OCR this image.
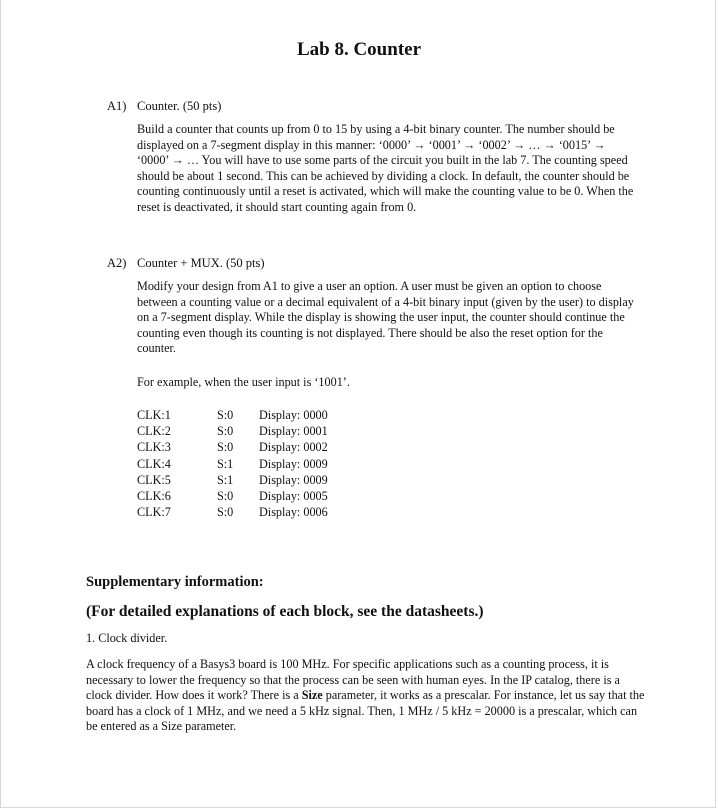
Lab 8. Counter
A1) Counter. (50 pts)

Build a counter that counts up from 0 to 15 by using a 4-bit binary counter. The number should be displayed on a 7-segment display in this manner: ‘0000’ → ‘0001’ → ‘0002’ → … → ‘0015’ → ‘0000’ → … You will have to use some parts of the circuit you built in the lab 7. The counting speed should be about 1 second. This can be achieved by dividing a clock. In default, the counter should be counting continuously until a reset is activated, which will make the counting value to be 0. When the reset is deactivated, it should start counting again from 0.

A2) Counter + MUX. (50 pts)

Modify your design from A1 to give a user an option. A user must be given an option to choose between a counting value or a decimal equivalent of a 4-bit binary input (given by the user) to display on a 7-segment display. While the display is showing the user input, the counter should continue the counting even though its counting is not displayed. There should be also the reset option for the counter.

For example, when the user input is ‘1001’.

CLK:1	S:0 Display: 0000
CLK:2	S:0 Display: 0001
CLK:3	S:0 Display: 0002
CLK:4	S:1 Display: 0009
CLK:5	S:1 Display: 0009
CLK:6	S:0 Display: 0005
CLK:7	S:0 Display: 0006
Supplementary information:
(For detailed explanations of each block, see the datasheets.)
1. Clock divider.
A clock frequency of a Basys3 board is 100 MHz. For specific applications such as a counting process, it is necessary to lower the frequency so that the process can be seen with human eyes. In the IP catalog, there is a clock divider. How does it work? There is a Size parameter, it works as a prescalar. For instance, let us say that the board has a clock of 1 MHz, and we need a 5 kHz signal. Then, 1 MHz / 5 kHz = 20000 is a prescalar, which can be entered as a Size parameter.
